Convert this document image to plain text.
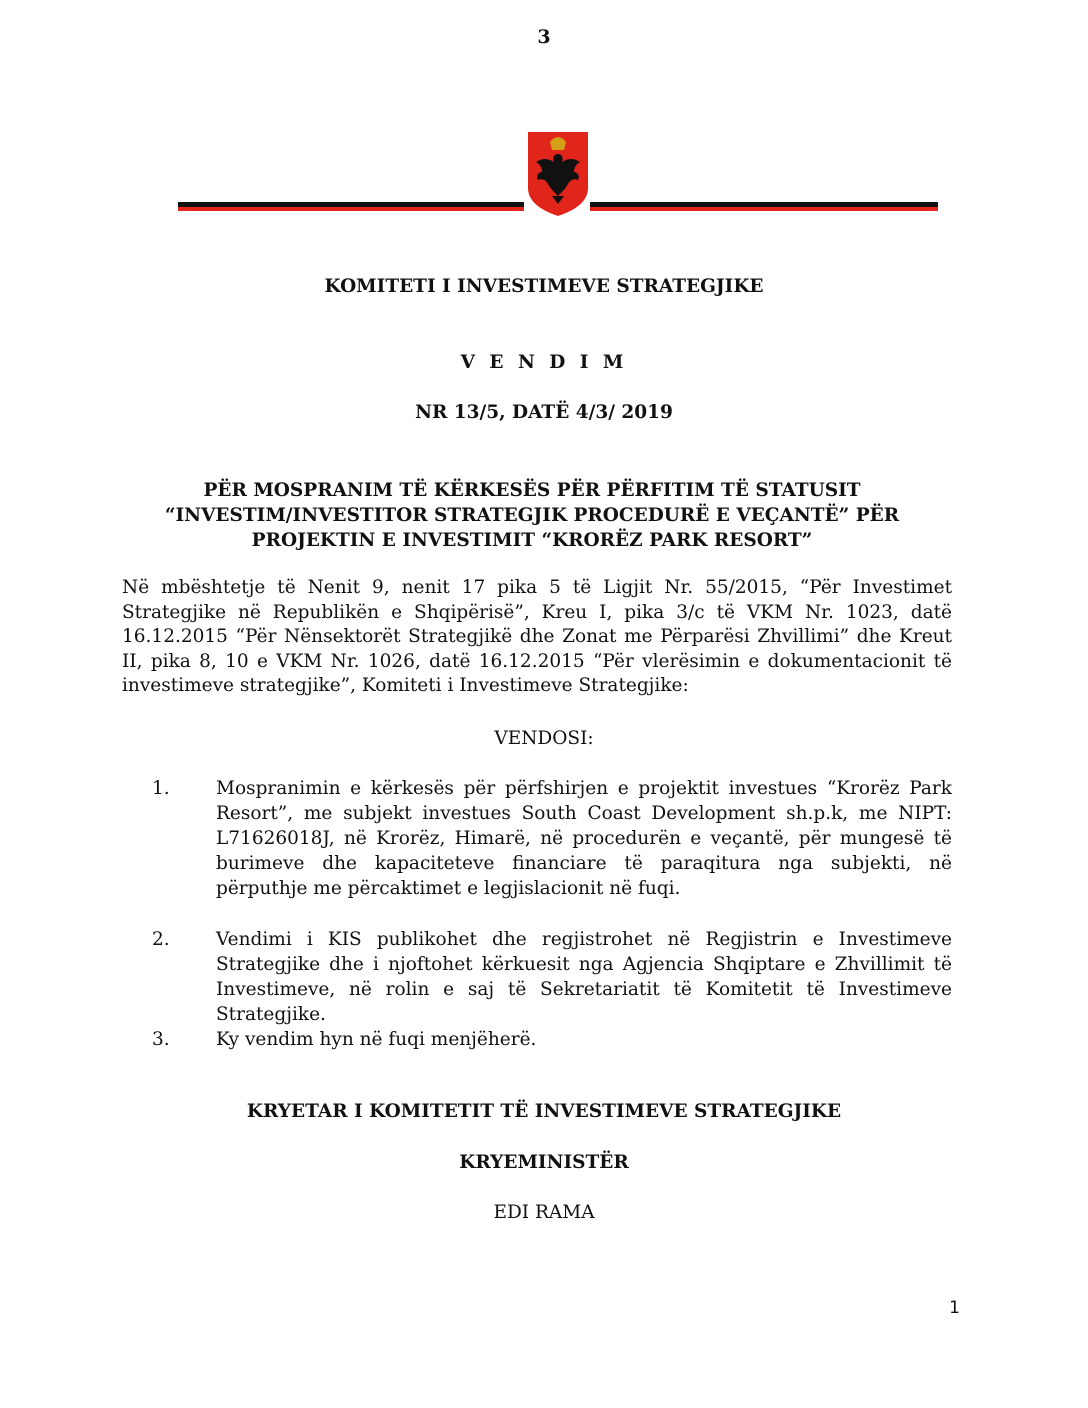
3
KOMITETI I INVESTIMEVE STRATEGJIKE
V E N D I M
NR 13/5, DATË 4/3/ 2019
PËR MOSPRANIM TË KËRKESËS PËR PËRFITIM TË STATUSIT “INVESTIM/INVESTITOR STRATEGJIK PROCEDURË E VEÇANTË” PËR PROJEKTIN E INVESTIMIT “KRORËZ PARK RESORT”
Në mbështetje të Nenit 9, nenit 17 pika 5 të Ligjit Nr. 55/2015, “Për Investimet Strategjike në Republikën e Shqipërisë”, Kreu I, pika 3/c të VKM Nr. 1023, datë 16.12.2015 “Për Nënsektorët Strategjikë dhe Zonat me Përparësi Zhvillimi” dhe Kreut II, pika 8, 10 e VKM Nr. 1026, datë 16.12.2015 “Për vlerësimin e dokumentacionit të investimeve strategjike”, Komiteti i Investimeve Strategjike:
VENDOSI:
1.	Mospranimin e kërkesës për përfshirjen e projektit investues “Krorëz Park Resort”, me subjekt investues South Coast Development sh.p.k, me NIPT: L71626018J, në Krorëz, Himarë, në procedurën e veçantë, për mungesë të burimeve dhe kapaciteteve financiare të paraqitura nga subjekti, në përputhje me përcaktimet e legjislacionit në fuqi.
2.	Vendimi i KIS publikohet dhe regjistrohet në Regjistrin e Investimeve Strategjike dhe i njoftohet kërkuesit nga Agjencia Shqiptare e Zhvillimit të Investimeve, në rolin e saj të Sekretariatit të Komitetit të Investimeve Strategjike.
3.	Ky vendim hyn në fuqi menjëherë.
KRYETAR I KOMITETIT TË INVESTIMEVE STRATEGJIKE
KRYEMINISTËR
EDI RAMA
1
